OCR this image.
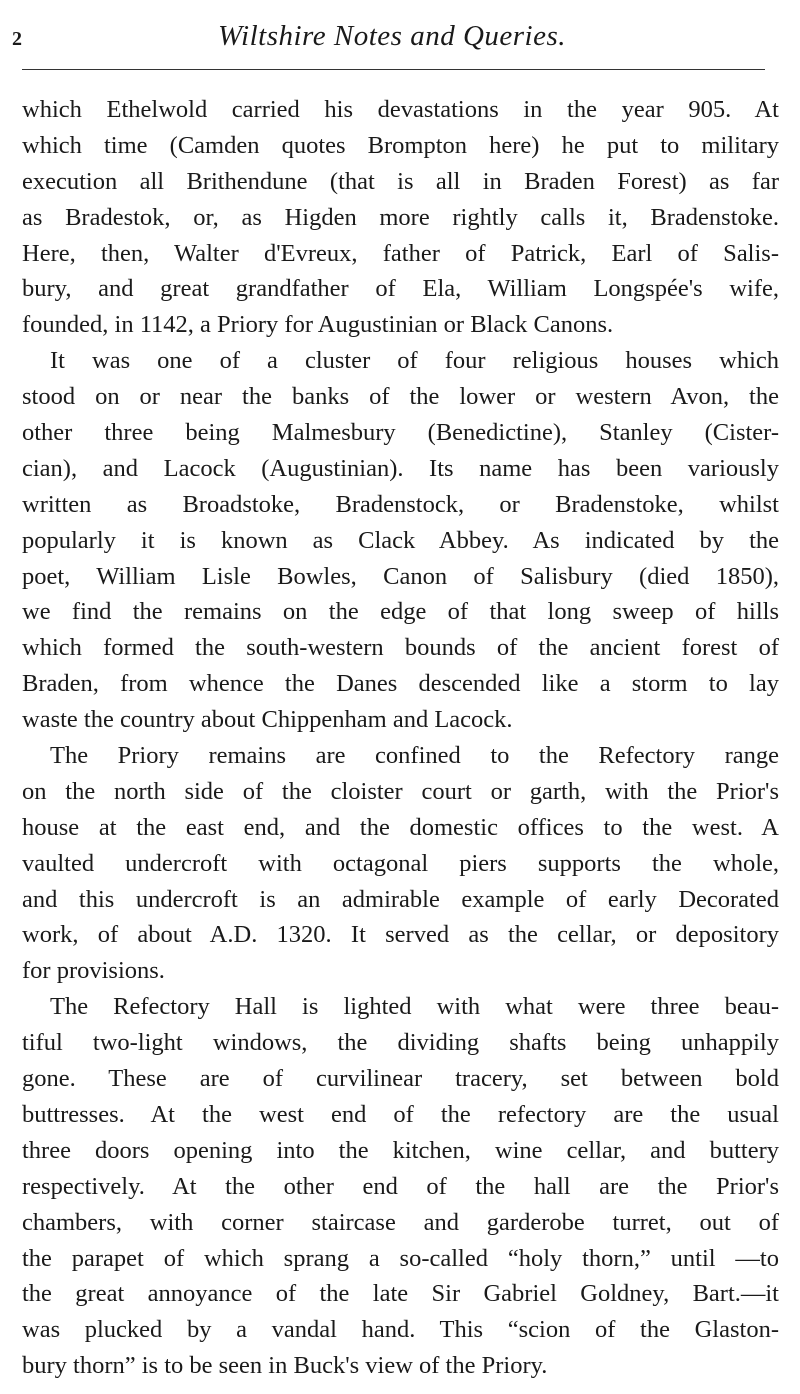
2	Wiltshire Notes and Queries.
which Ethelwold carried his devastations in the year 905. At
which time (Camden quotes Brompton here) he put to military
execution all Brithendune (that is all in Braden Forest) as far
as Bradestok, or, as Higden more rightly calls it, Bradenstoke.
Here, then, Walter d'Evreux, father of Patrick, Earl of Salis-
bury, and great grandfather of Ela, William Longspée's wife,
founded, in 1142, a Priory for Augustinian or Black Canons.
It was one of a cluster of four religious houses which
stood on or near the banks of the lower or western Avon, the
other three being Malmesbury (Benedictine), Stanley (Cister-
cian), and Lacock (Augustinian). Its name has been variously
written as Broadstoke, Bradenstock, or Bradenstoke, whilst
popularly it is known as Clack Abbey. As indicated by the
poet, William Lisle Bowles, Canon of Salisbury (died 1850),
we find the remains on the edge of that long sweep of hills
which formed the south-western bounds of the ancient forest of
Braden, from whence the Danes descended like a storm to lay
waste the country about Chippenham and Lacock.
The Priory remains are confined to the Refectory range
on the north side of the cloister court or garth, with the Prior's
house at the east end, and the domestic offices to the west. A
vaulted undercroft with octagonal piers supports the whole,
and this undercroft is an admirable example of early Decorated
work, of about A.D. 1320. It served as the cellar, or depository
for provisions.
The Refectory Hall is lighted with what were three beau-
tiful two-light windows, the dividing shafts being unhappily
gone. These are of curvilinear tracery, set between bold
buttresses. At the west end of the refectory are the usual
three doors opening into the kitchen, wine cellar, and buttery
respectively. At the other end of the hall are the Prior's
chambers, with corner staircase and garderobe turret, out of
the parapet of which sprang a so-called “holy thorn,” until —to
the great annoyance of the late Sir Gabriel Goldney, Bart.—it
was plucked by a vandal hand. This “scion of the Glaston-
bury thorn” is to be seen in Buck's view of the Priory.
